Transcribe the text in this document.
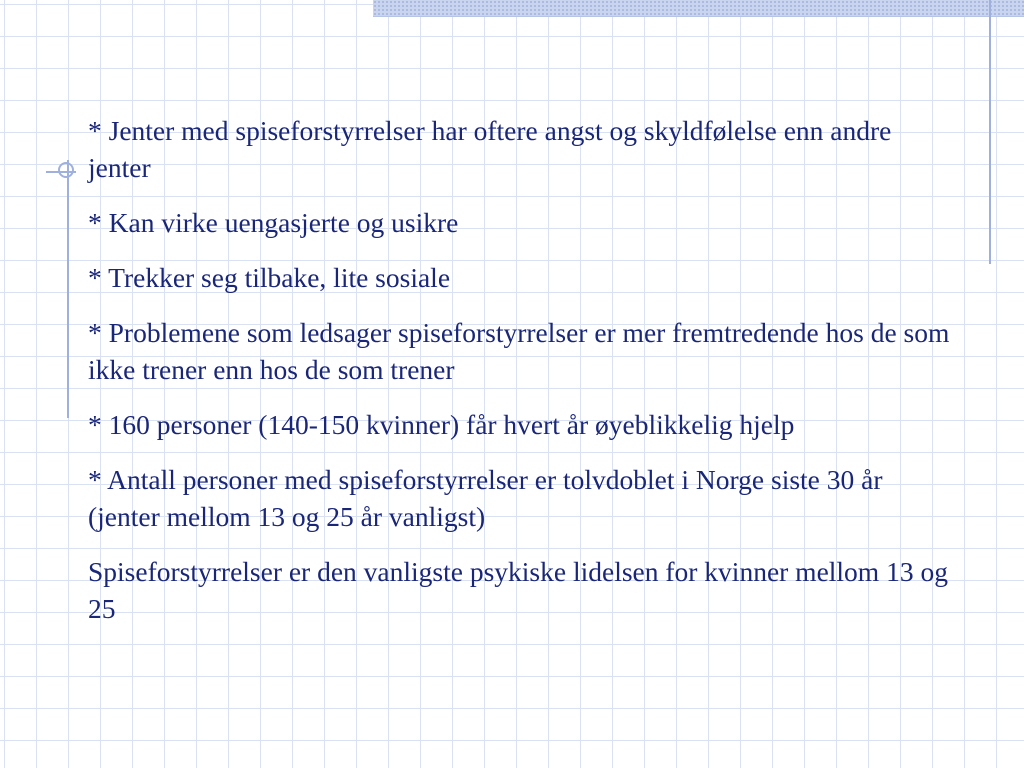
* Jenter med spiseforstyrrelser har oftere angst og skyldfølelse enn andre jenter

* Kan virke uengasjerte og usikre

* Trekker seg tilbake, lite sosiale

* Problemene som ledsager spiseforstyrrelser er mer fremtredende hos de som ikke trener enn hos de som trener

* 160 personer (140-150 kvinner) får hvert år øyeblikkelig hjelp

* Antall personer med spiseforstyrrelser er tolvdoblet i Norge siste 30 år (jenter mellom 13 og 25 år vanligst)

Spiseforstyrrelser er den vanligste psykiske lidelsen for kvinner mellom 13 og 25
